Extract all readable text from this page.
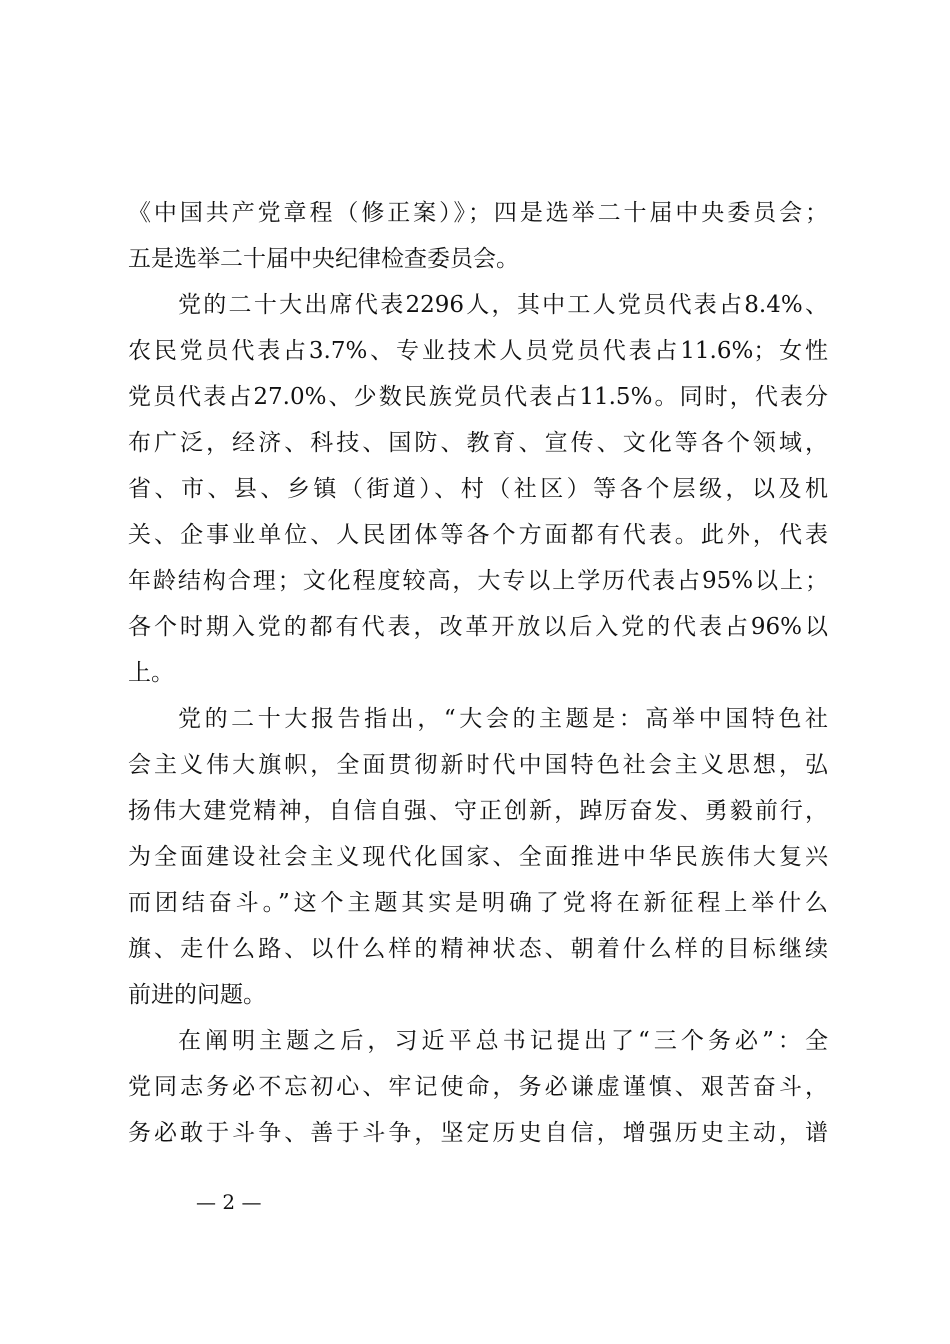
《中国共产党章程（修正案）》；四是选举二十届中央委员会；
五是选举二十届中央纪律检查委员会。
党的二十大出席代表2296人，其中工人党员代表占8.4%、
农民党员代表占3.7%、专业技术人员党员代表占11.6%；女性
党员代表占27.0%、少数民族党员代表占11.5%。同时，代表分
布广泛，经济、科技、国防、教育、宣传、文化等各个领域，
省、市、县、乡镇（街道）、村（社区）等各个层级，以及机
关、企事业单位、人民团体等各个方面都有代表。此外，代表
年龄结构合理；文化程度较高，大专以上学历代表占95%以上；
各个时期入党的都有代表，改革开放以后入党的代表占96%以
上。
党的二十大报告指出，“大会的主题是：高举中国特色社
会主义伟大旗帜，全面贯彻新时代中国特色社会主义思想，弘
扬伟大建党精神，自信自强、守正创新，踔厉奋发、勇毅前行，
为全面建设社会主义现代化国家、全面推进中华民族伟大复兴
而团结奋斗。”这个主题其实是明确了党将在新征程上举什么
旗、走什么路、以什么样的精神状态、朝着什么样的目标继续
前进的问题。
在阐明主题之后，习近平总书记提出了“三个务必”：全
党同志务必不忘初心、牢记使命，务必谦虚谨慎、艰苦奋斗，
务必敢于斗争、善于斗争，坚定历史自信，增强历史主动，谱
— 2 —
